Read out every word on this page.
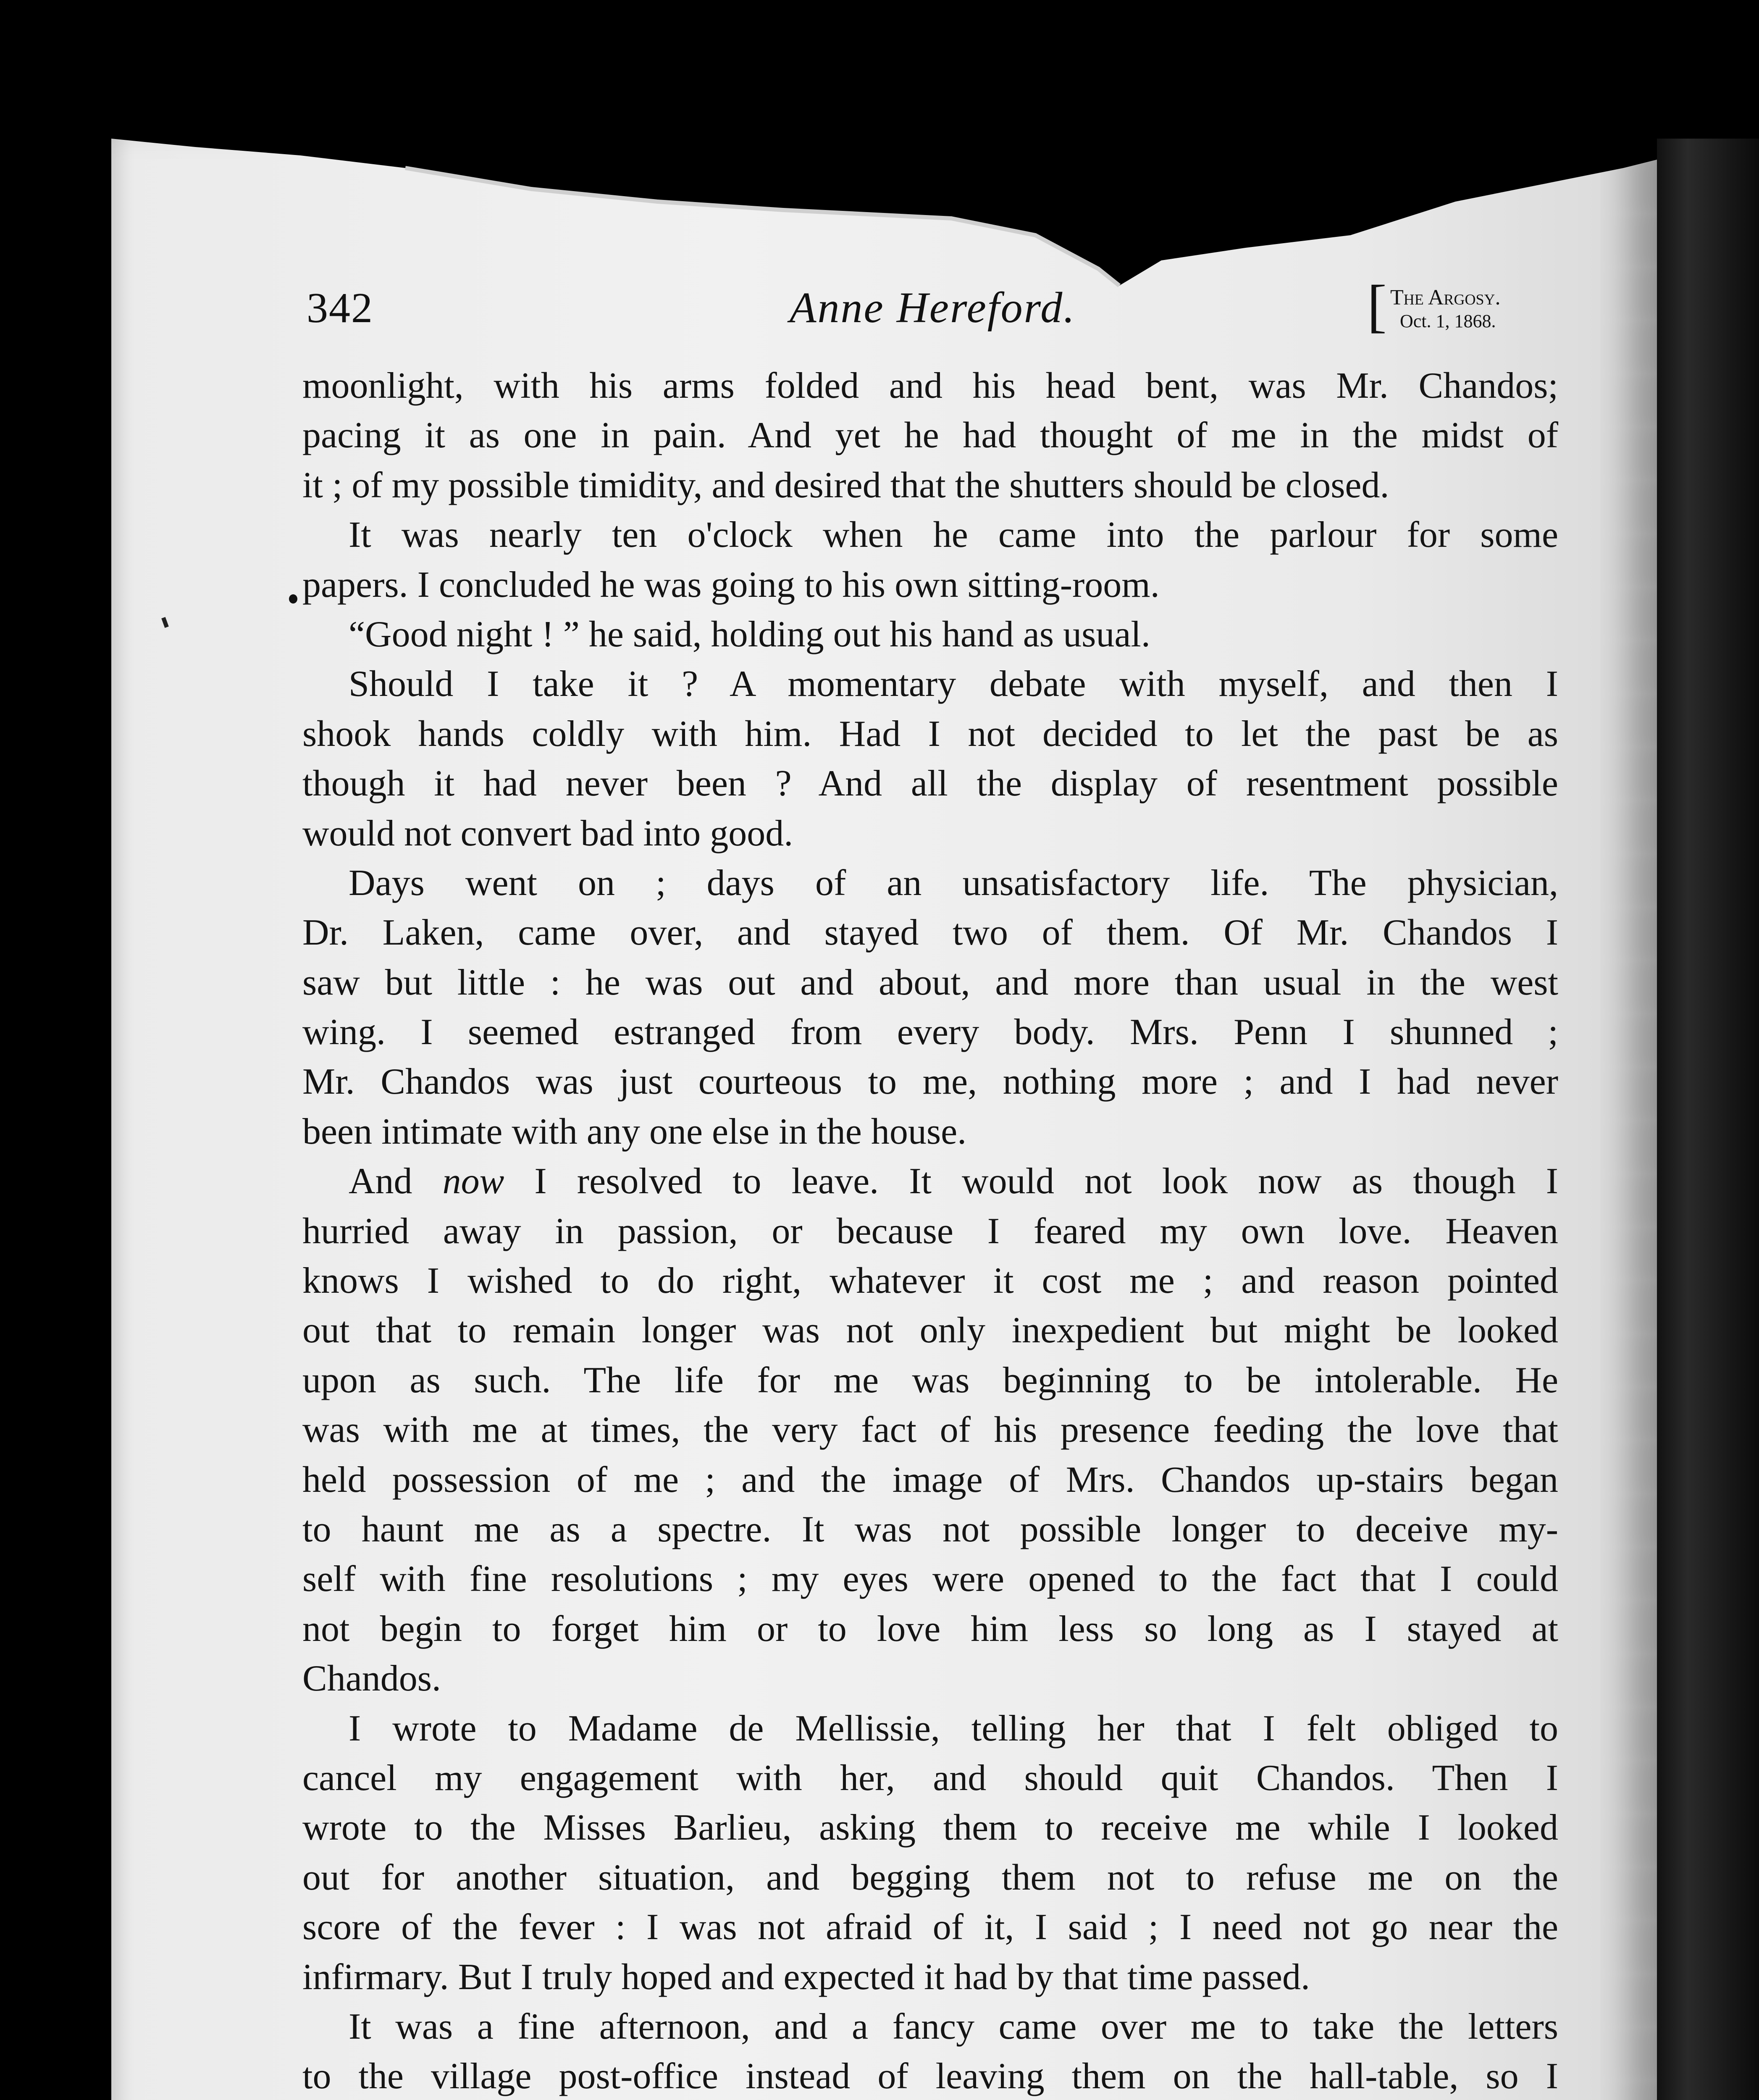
342	Anne Hereford.	[ The Argosy.
Oct. 1, 1868.
moonlight, with his arms folded and his head bent, was Mr. Chandos;
pacing it as one in pain. And yet he had thought of me in the midst of
it ; of my possible timidity, and desired that the shutters should be closed.
It was nearly ten o'clock when he came into the parlour for some
papers. I concluded he was going to his own sitting-room.
“Good night ! ” he said, holding out his hand as usual.
Should I take it ? A momentary debate with myself, and then I
shook hands coldly with him. Had I not decided to let the past be as
though it had never been ? And all the display of resentment possible
would not convert bad into good.
Days went on ; days of an unsatisfactory life. The physician,
Dr. Laken, came over, and stayed two of them. Of Mr. Chandos I
saw but little : he was out and about, and more than usual in the west
wing. I seemed estranged from every body. Mrs. Penn I shunned ;
Mr. Chandos was just courteous to me, nothing more ; and I had never
been intimate with any one else in the house.
And now I resolved to leave. It would not look now as though I
hurried away in passion, or because I feared my own love. Heaven
knows I wished to do right, whatever it cost me ; and reason pointed
out that to remain longer was not only inexpedient but might be looked
upon as such. The life for me was beginning to be intolerable. He
was with me at times, the very fact of his presence feeding the love that
held possession of me ; and the image of Mrs. Chandos up-stairs began
to haunt me as a spectre. It was not possible longer to deceive my-
self with fine resolutions ; my eyes were opened to the fact that I could
not begin to forget him or to love him less so long as I stayed at
Chandos.
I wrote to Madame de Mellissie, telling her that I felt obliged to
cancel my engagement with her, and should quit Chandos. Then I
wrote to the Misses Barlieu, asking them to receive me while I looked
out for another situation, and begging them not to refuse me on the
score of the fever : I was not afraid of it, I said ; I need not go near the
infirmary. But I truly hoped and expected it had by that time passed.
It was a fine afternoon, and a fancy came over me to take the letters
to the village post-office instead of leaving them on the hall-table, so I
